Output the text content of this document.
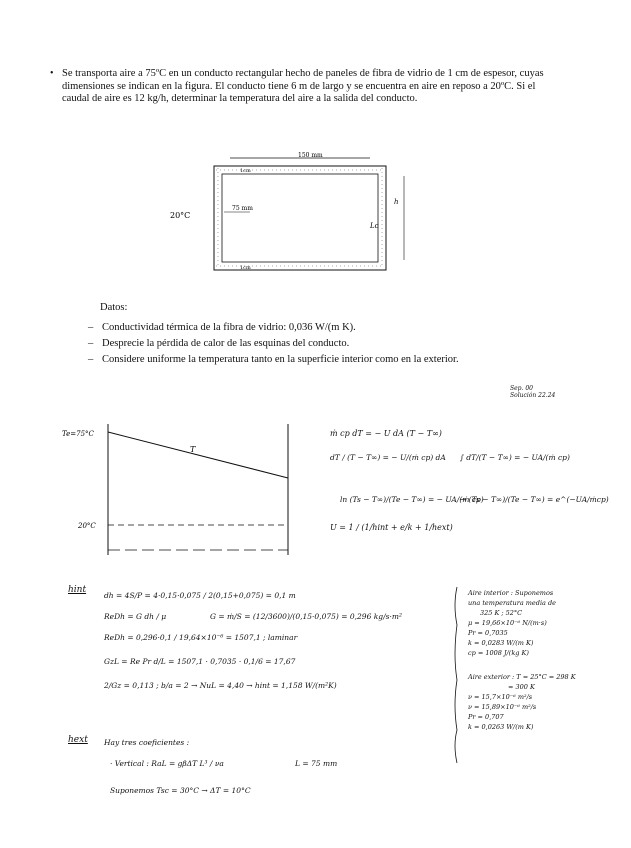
• Se transporta aire a 75ºC en un conducto rectangular hecho de paneles de fibra de vidrio de 1 cm de espesor, cuyas dimensiones se indican en la figura. El conducto tiene 6 m de largo y se encuentra en aire en reposo a 20ºC. Si el caudal de aire es 12 kg/h, determinar la temperatura del aire a la salida del conducto.
150 mm
1cm
1cm
75 mm
20°C
h
Lc
Datos:
– Conductividad térmica de la fibra de vidrio: 0,036 W/(m K).
– Desprecie la pérdida de calor de las esquinas del conducto.
– Considere uniforme la temperatura tanto en la superficie interior como en la exterior.
Sep. 00
Solución 22.24
Te=75°C
20°C
T
ṁ cp dT = − U dA (T − T∞)
dT / (T − T∞) = − U/(ṁ cp) dA ∫ dT/(T − T∞) = − UA/(ṁ cp)
ln (Ts − T∞)/(Te − T∞) = − UA/(ṁ cp)
→ (Ts − T∞)/(Te − T∞) = e^(−UA/ṁcp)
U = 1 / (1/hint + e/k + 1/hext)
hint
dh = 4S/P = 4·0,15·0,075 / 2(0,15+0,075) = 0,1 m
ReDh = G dh / μ	G = ṁ/S = (12/3600)/(0,15·0,075) = 0,296 kg/s·m²
ReDh = 0,296·0,1 / 19,64×10⁻⁶ = 1507,1 ; laminar
GzL = Re Pr d/L = 1507,1 · 0,7035 · 0,1/6 = 17,67
2/Gz = 0,113 ; b/a = 2 → NuL = 4,40 → hint = 1,158 W/(m²K)
hext Hay tres coeficientes :
· Vertical : RaL = gβΔT L³ / νa	L = 75 mm
Suponemos Tsc = 30°C → ΔT = 10°C
Aire interior : Suponemos
una temperatura media de
325 K ; 52°C
μ = 19,66×10⁻⁶ N/(m·s)
Pr = 0,7035
k = 0,0283 W/(m K)
cp = 1008 J/(kg K)
Aire exterior : T = 25°C = 298 K
≈ 300 K
ν = 15,7×10⁻⁶ m²/s
ν = 15,89×10⁻⁶ m²/s
Pr = 0,707
k = 0,0263 W/(m K)
